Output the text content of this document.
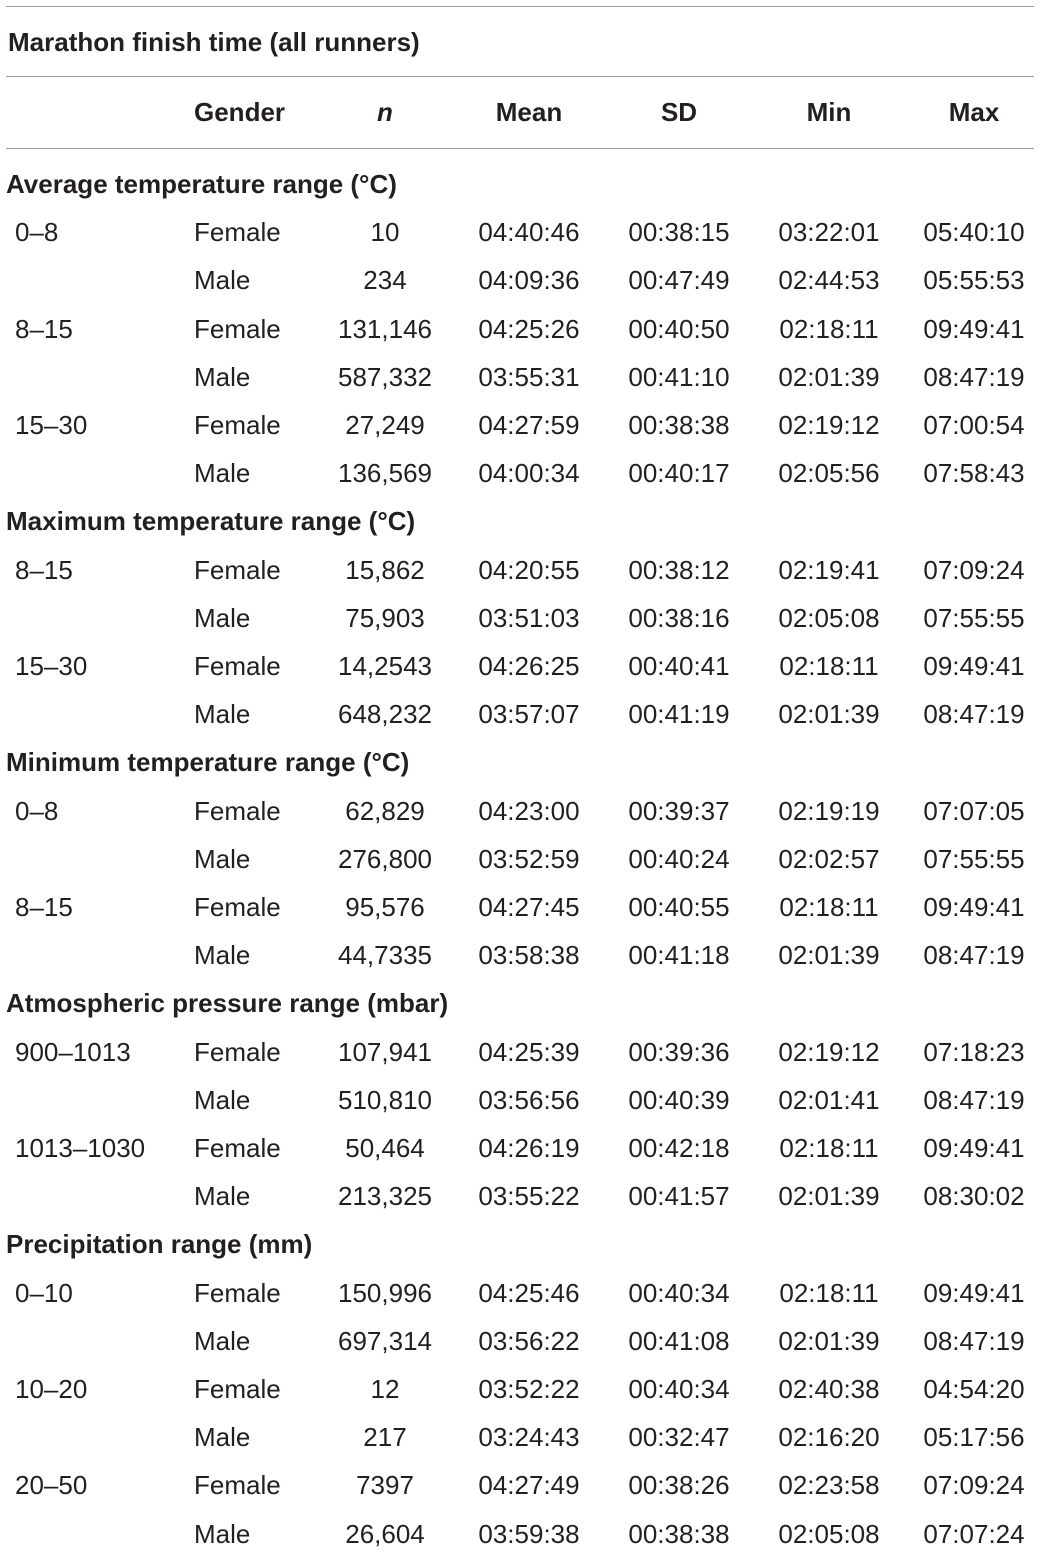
Marathon finish time (all runners)
Gender	n	Mean	SD	Min	Max
Average temperature range (°C)
0–8	Female	10	04:40:46	00:38:15	03:22:01	05:40:10
Male	234	04:09:36	00:47:49	02:44:53	05:55:53
8–15	Female	131,146	04:25:26	00:40:50	02:18:11	09:49:41
Male	587,332	03:55:31	00:41:10	02:01:39	08:47:19
15–30	Female	27,249	04:27:59	00:38:38	02:19:12	07:00:54
Male	136,569	04:00:34	00:40:17	02:05:56	07:58:43
Maximum temperature range (°C)
8–15	Female	15,862	04:20:55	00:38:12	02:19:41	07:09:24
Male	75,903	03:51:03	00:38:16	02:05:08	07:55:55
15–30	Female	14,2543	04:26:25	00:40:41	02:18:11	09:49:41
Male	648,232	03:57:07	00:41:19	02:01:39	08:47:19
Minimum temperature range (°C)
0–8	Female	62,829	04:23:00	00:39:37	02:19:19	07:07:05
Male	276,800	03:52:59	00:40:24	02:02:57	07:55:55
8–15	Female	95,576	04:27:45	00:40:55	02:18:11	09:49:41
Male	44,7335	03:58:38	00:41:18	02:01:39	08:47:19
Atmospheric pressure range (mbar)
900–1013 Female	107,941	04:25:39	00:39:36	02:19:12	07:18:23
Male	510,810	03:56:56	00:40:39	02:01:41	08:47:19
1013–1030 Female	50,464	04:26:19	00:42:18	02:18:11	09:49:41
Male	213,325	03:55:22	00:41:57	02:01:39	08:30:02
Precipitation range (mm)
0–10	Female	150,996	04:25:46	00:40:34	02:18:11	09:49:41
Male	697,314	03:56:22	00:41:08	02:01:39	08:47:19
10–20	Female	12	03:52:22	00:40:34	02:40:38	04:54:20
Male	217	03:24:43	00:32:47	02:16:20	05:17:56
20–50	Female	7397	04:27:49	00:38:26	02:23:58	07:09:24
Male	26,604	03:59:38	00:38:38	02:05:08	07:07:24
